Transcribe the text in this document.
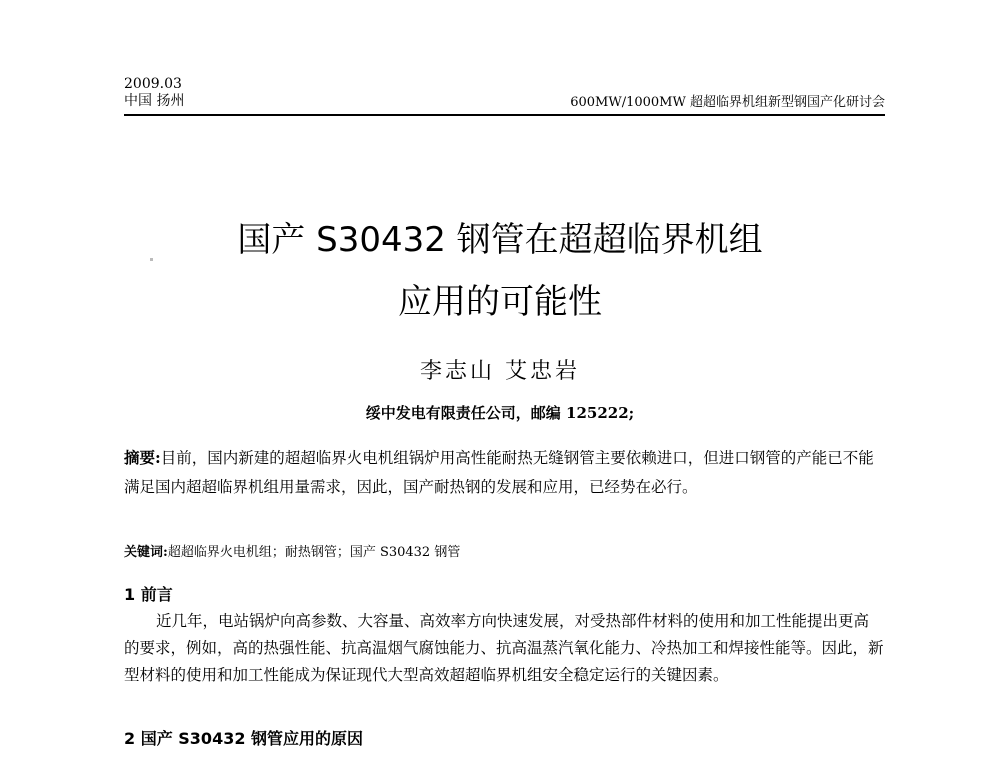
2009.03
中国 扬州	600MW/1000MW 超超临界机组新型钢国产化研讨会
国产 S30432 钢管在超超临界机组
应用的可能性
李志山 艾忠岩
绥中发电有限责任公司，邮编 125222;
摘要:目前，国内新建的超超临界火电机组锅炉用高性能耐热无缝钢管主要依赖进口，但进口钢管的产能已不能满足国内超超临界机组用量需求，因此，国产耐热钢的发展和应用，已经势在必行。
关键词:超超临界火电机组；耐热钢管；国产 S30432 钢管
1 前言
近几年，电站锅炉向高参数、大容量、高效率方向快速发展，对受热部件材料的使用和加工性能提出更高的要求，例如，高的热强性能、抗高温烟气腐蚀能力、抗高温蒸汽氧化能力、冷热加工和焊接性能等。因此，新型材料的使用和加工性能成为保证现代大型高效超超临界机组安全稳定运行的关键因素。
2 国产 S30432 钢管应用的原因
